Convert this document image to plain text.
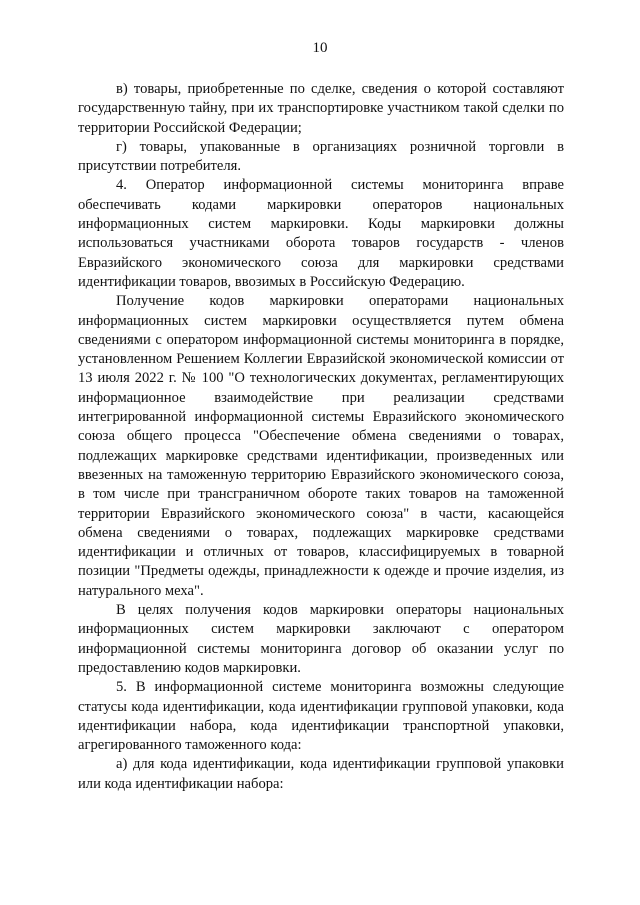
10

в) товары, приобретенные по сделке, сведения о которой составляют государственную тайну, при их транспортировке участником такой сделки по территории Российской Федерации;

г) товары, упакованные в организациях розничной торговли в присутствии потребителя.

4. Оператор информационной системы мониторинга вправе обеспечивать кодами маркировки операторов национальных информационных систем маркировки. Коды маркировки должны использоваться участниками оборота товаров государств - членов Евразийского экономического союза для маркировки средствами идентификации товаров, ввозимых в Российскую Федерацию.

Получение кодов маркировки операторами национальных информационных систем маркировки осуществляется путем обмена сведениями с оператором информационной системы мониторинга в порядке, установленном Решением Коллегии Евразийской экономической комиссии от 13 июля 2022 г. № 100 "О технологических документах, регламентирующих информационное взаимодействие при реализации средствами интегрированной информационной системы Евразийского экономического союза общего процесса "Обеспечение обмена сведениями о товарах, подлежащих маркировке средствами идентификации, произведенных или ввезенных на таможенную территорию Евразийского экономического союза, в том числе при трансграничном обороте таких товаров на таможенной территории Евразийского экономического союза" в части, касающейся обмена сведениями о товарах, подлежащих маркировке средствами идентификации и отличных от товаров, классифицируемых в товарной позиции "Предметы одежды, принадлежности к одежде и прочие изделия, из натурального меха".

В целях получения кодов маркировки операторы национальных информационных систем маркировки заключают с оператором информационной системы мониторинга договор об оказании услуг по предоставлению кодов маркировки.

5. В информационной системе мониторинга возможны следующие статусы кода идентификации, кода идентификации групповой упаковки, кода идентификации набора, кода идентификации транспортной упаковки, агрегированного таможенного кода:

а) для кода идентификации, кода идентификации групповой упаковки или кода идентификации набора:
